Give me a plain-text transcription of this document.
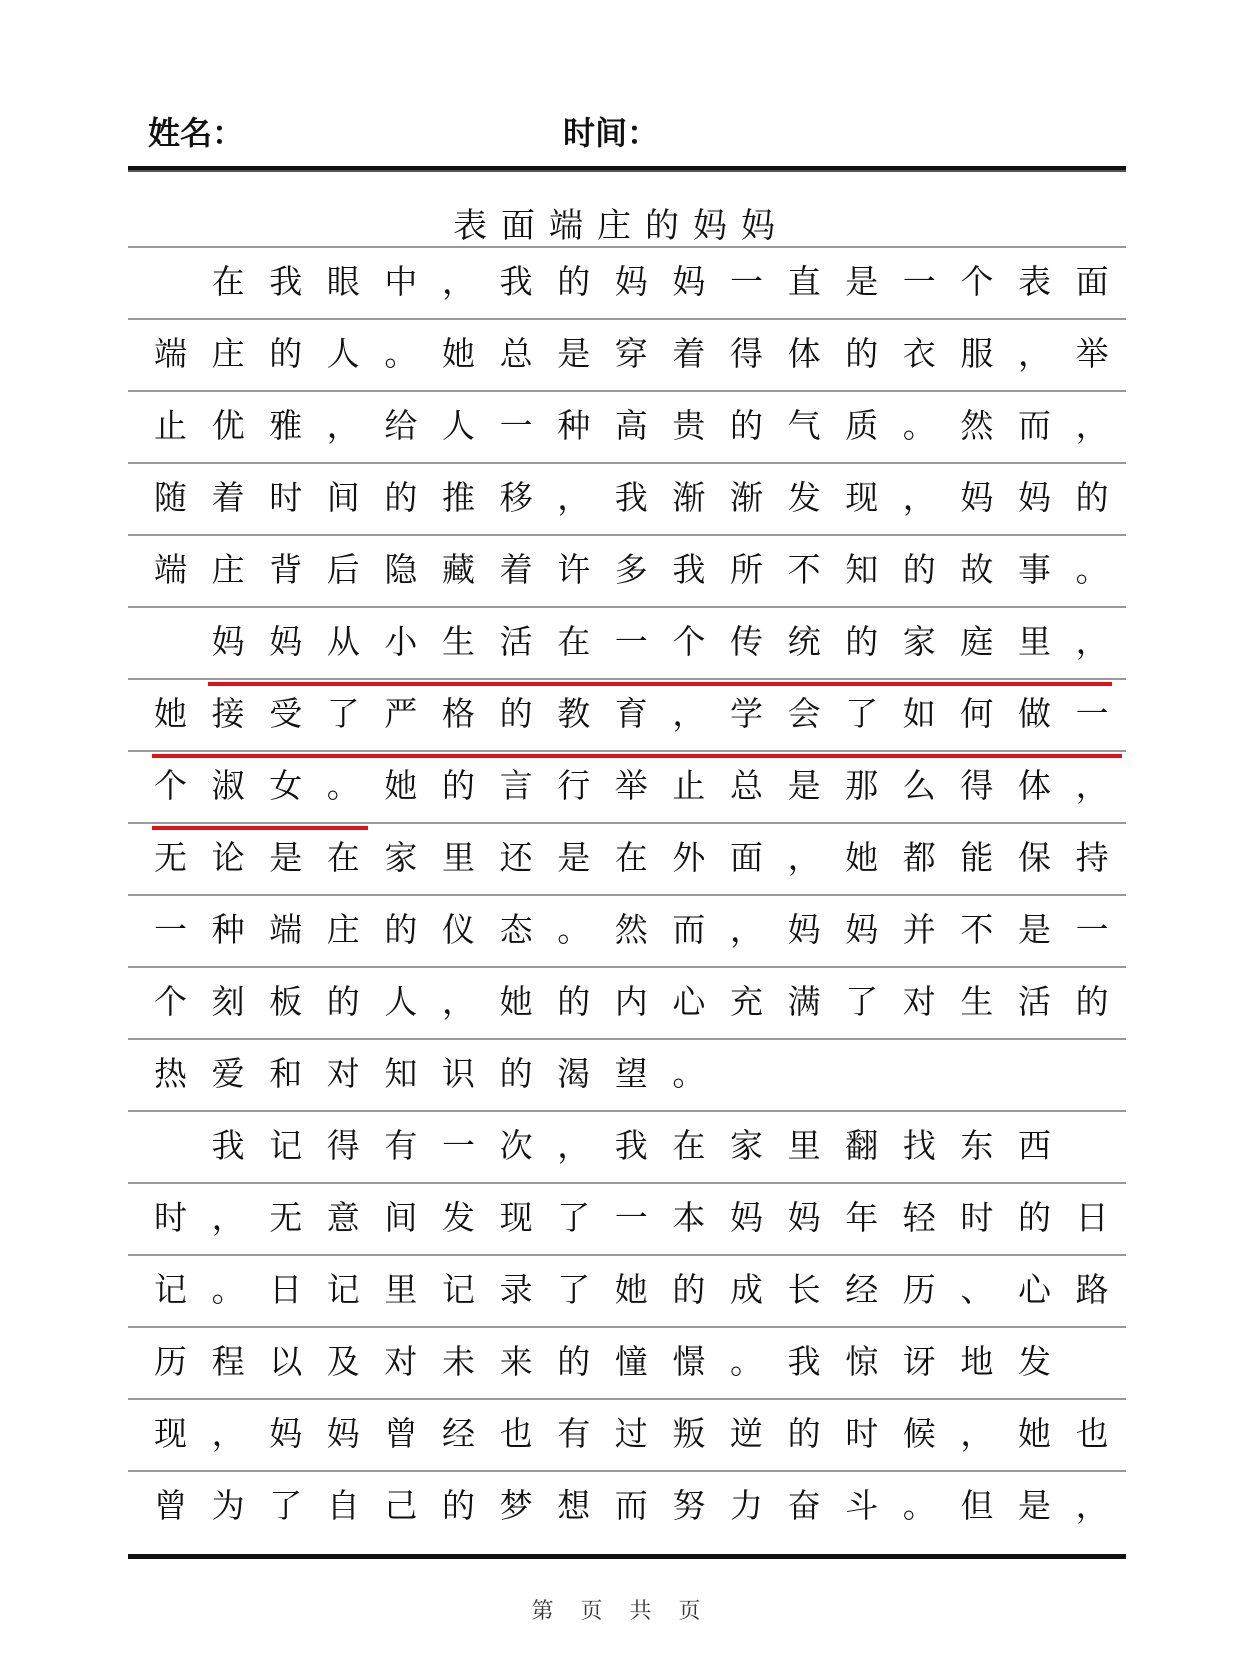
姓名：	时间：
表面端庄的妈妈
　在我眼中，我的妈妈一直是一个表面
端庄的人。她总是穿着得体的衣服，举
止优雅，给人一种高贵的气质。然而，
随着时间的推移，我渐渐发现，妈妈的
端庄背后隐藏着许多我所不知的故事。
　妈妈从小生活在一个传统的家庭里，
她接受了严格的教育，学会了如何做一
个淑女。她的言行举止总是那么得体，
无论是在家里还是在外面，她都能保持
一种端庄的仪态。然而，妈妈并不是一
个刻板的人，她的内心充满了对生活的
热爱和对知识的渴望。
　我记得有一次，我在家里翻找东西
时，无意间发现了一本妈妈年轻时的日
记。日记里记录了她的成长经历、心路
历程以及对未来的憧憬。我惊讶地发
现，妈妈曾经也有过叛逆的时候，她也
曾为了自己的梦想而努力奋斗。但是，
第 页 共 页
